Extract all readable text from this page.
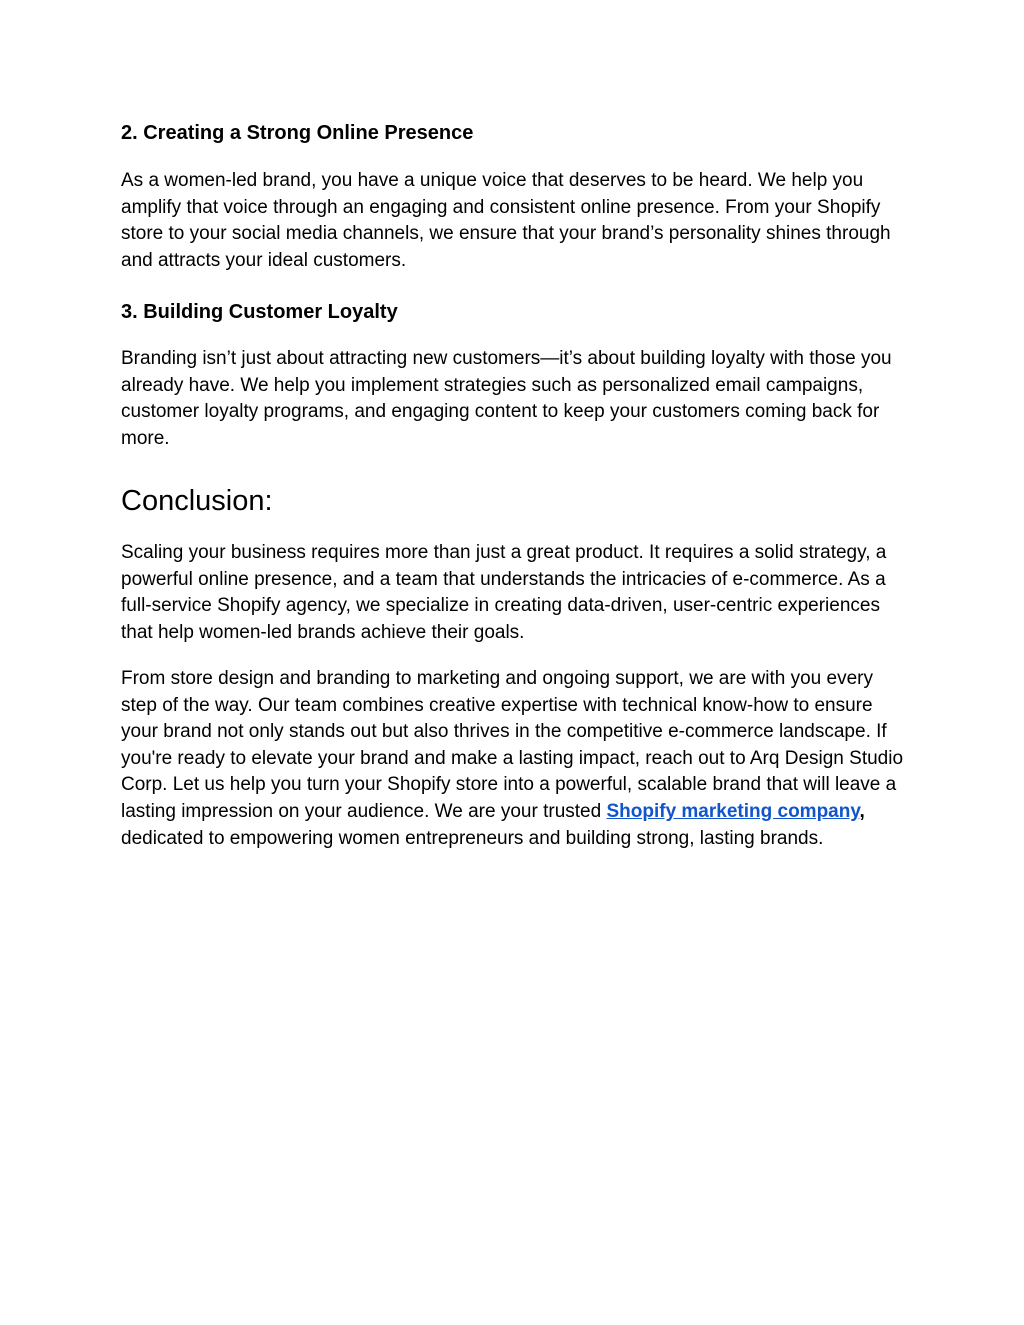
2. Creating a Strong Online Presence

As a women-led brand, you have a unique voice that deserves to be heard. We help you amplify that voice through an engaging and consistent online presence. From your Shopify store to your social media channels, we ensure that your brand’s personality shines through and attracts your ideal customers.

3. Building Customer Loyalty

Branding isn’t just about attracting new customers—it’s about building loyalty with those you already have. We help you implement strategies such as personalized email campaigns, customer loyalty programs, and engaging content to keep your customers coming back for more.

Conclusion:

Scaling your business requires more than just a great product. It requires a solid strategy, a powerful online presence, and a team that understands the intricacies of e-commerce. As a full-service Shopify agency, we specialize in creating data-driven, user-centric experiences that help women-led brands achieve their goals.

From store design and branding to marketing and ongoing support, we are with you every step of the way. Our team combines creative expertise with technical know-how to ensure your brand not only stands out but also thrives in the competitive e-commerce landscape. If you're ready to elevate your brand and make a lasting impact, reach out to Arq Design Studio Corp. Let us help you turn your Shopify store into a powerful, scalable brand that will leave a lasting impression on your audience. We are your trusted Shopify marketing company, dedicated to empowering women entrepreneurs and building strong, lasting brands.
